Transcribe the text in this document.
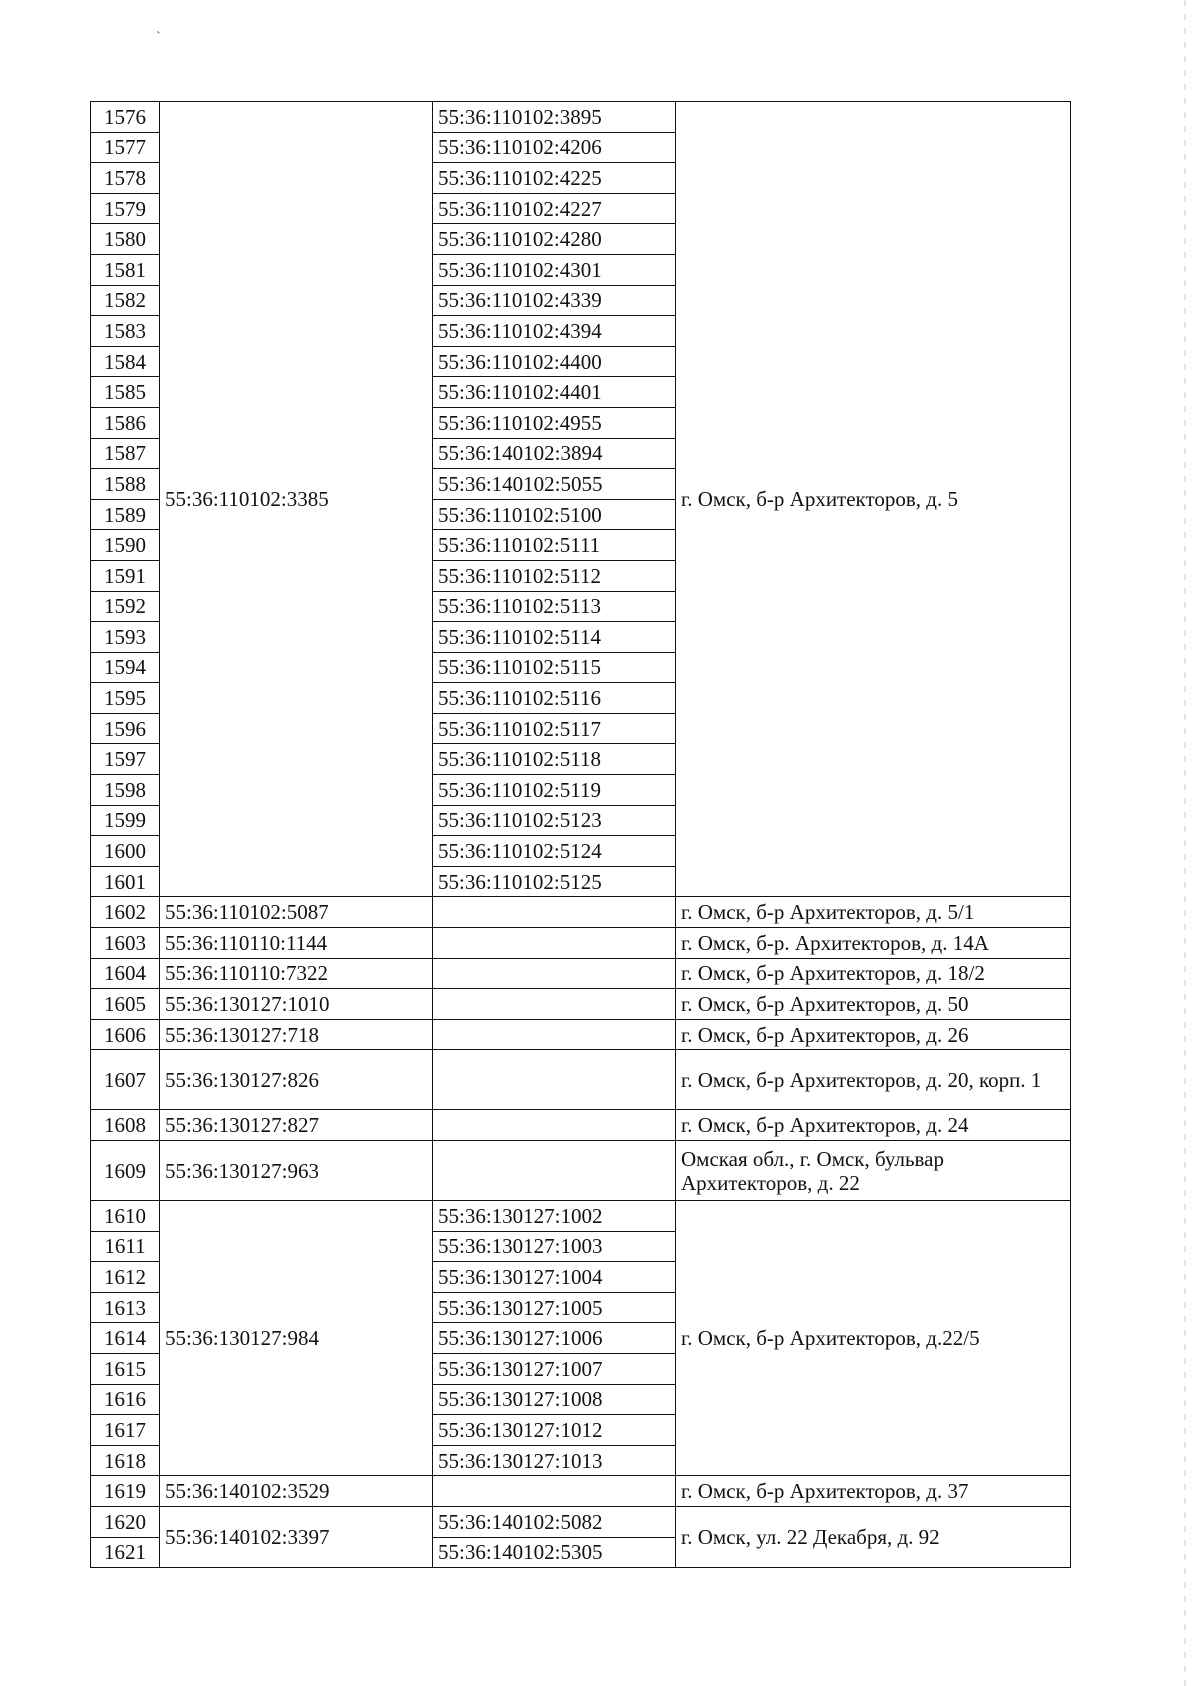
`
1576	55:36:110102:3385	55:36:110102:3895	г. Омск, б-р Архитекторов, д. 5
1577		55:36:110102:4206	
1578		55:36:110102:4225	
1579		55:36:110102:4227	
1580		55:36:110102:4280	
1581		55:36:110102:4301	
1582		55:36:110102:4339	
1583		55:36:110102:4394	
1584		55:36:110102:4400	
1585		55:36:110102:4401	
1586		55:36:110102:4955	
1587		55:36:140102:3894	
1588		55:36:140102:5055	
1589		55:36:110102:5100	
1590		55:36:110102:5111	
1591		55:36:110102:5112	
1592		55:36:110102:5113	
1593		55:36:110102:5114	
1594		55:36:110102:5115	
1595		55:36:110102:5116	
1596		55:36:110102:5117	
1597		55:36:110102:5118	
1598		55:36:110102:5119	
1599		55:36:110102:5123	
1600		55:36:110102:5124	
1601		55:36:110102:5125	
1602	55:36:110102:5087		г. Омск, б-р Архитекторов, д. 5/1
1603	55:36:110110:1144		г. Омск, б-р. Архитекторов, д. 14А
1604	55:36:110110:7322		г. Омск, б-р Архитекторов, д. 18/2
1605	55:36:130127:1010		г. Омск, б-р Архитекторов, д. 50
1606	55:36:130127:718		г. Омск, б-р Архитекторов, д. 26
1607	55:36:130127:826		г. Омск, б-р Архитекторов, д. 20, корп. 1
1608	55:36:130127:827		г. Омск, б-р Архитекторов, д. 24
1609	55:36:130127:963		Омская обл., г. Омск, бульвар Архитекторов, д. 22
1610	55:36:130127:984	55:36:130127:1002	г. Омск, б-р Архитекторов, д.22/5
1611		55:36:130127:1003	
1612		55:36:130127:1004	
1613		55:36:130127:1005	
1614		55:36:130127:1006	
1615		55:36:130127:1007	
1616		55:36:130127:1008	
1617		55:36:130127:1012	
1618		55:36:130127:1013	
1619	55:36:140102:3529		г. Омск, б-р Архитекторов, д. 37
1620	55:36:140102:3397	55:36:140102:5082	г. Омск, ул. 22 Декабря, д. 92
1621		55:36:140102:5305	
